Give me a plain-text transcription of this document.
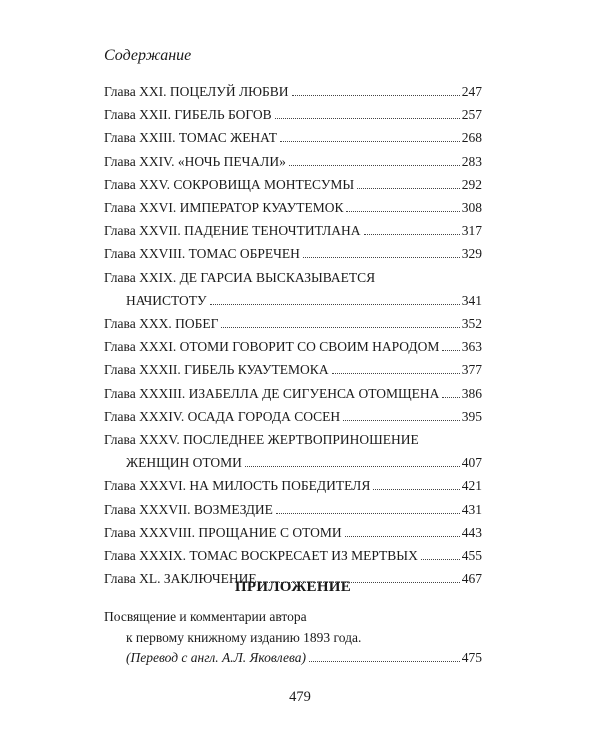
Содержание
Глава XXI. ПОЦЕЛУЙ ЛЮБВИ	247
Глава XXII. ГИБЕЛЬ БОГОВ	257
Глава XXIII. ТОМАС ЖЕНАТ	268
Глава XXIV. «НОЧЬ ПЕЧАЛИ»	283
Глава XXV. СОКРОВИЩА МОНТЕСУМЫ	292
Глава XXVI. ИМПЕРАТОР КУАУТЕМОК	308
Глава XXVII. ПАДЕНИЕ ТЕНОЧТИТЛАНА	317
Глава XXVIII. ТОМАС ОБРЕЧЕН	329
Глава XXIX. ДЕ ГАРСИА ВЫСКАЗЫВАЕТСЯ
НАЧИСТОТУ	341
Глава XXX. ПОБЕГ	352
Глава XXXI. ОТОМИ ГОВОРИТ СО СВОИМ НАРОДОМ 363
Глава XXXII. ГИБЕЛЬ КУАУТЕМОКА	377
Глава XXXIII. ИЗАБЕЛЛА ДЕ СИГУЕНСА ОТОМЩЕНА 386
Глава XXXIV. ОСАДА ГОРОДА СОСЕН	395
Глава XXXV. ПОСЛЕДНЕЕ ЖЕРТВОПРИНОШЕНИЕ
ЖЕНЩИН ОТОМИ	407
Глава XXXVI. НА МИЛОСТЬ ПОБЕДИТЕЛЯ	421
Глава XXXVII. ВОЗМЕЗДИЕ	431
Глава XXXVIII. ПРОЩАНИЕ С ОТОМИ	443
Глава XXXIX. ТОМАС ВОСКРЕСАЕТ ИЗ МЕРТВЫХ	455
Глава XL. ЗАКЛЮЧЕНИЕ	467
ПРИЛОЖЕНИЕ
Посвящение и комментарии автора
к первому книжному изданию 1893 года.
(Перевод с англ. А.Л. Яковлева)	475
479
